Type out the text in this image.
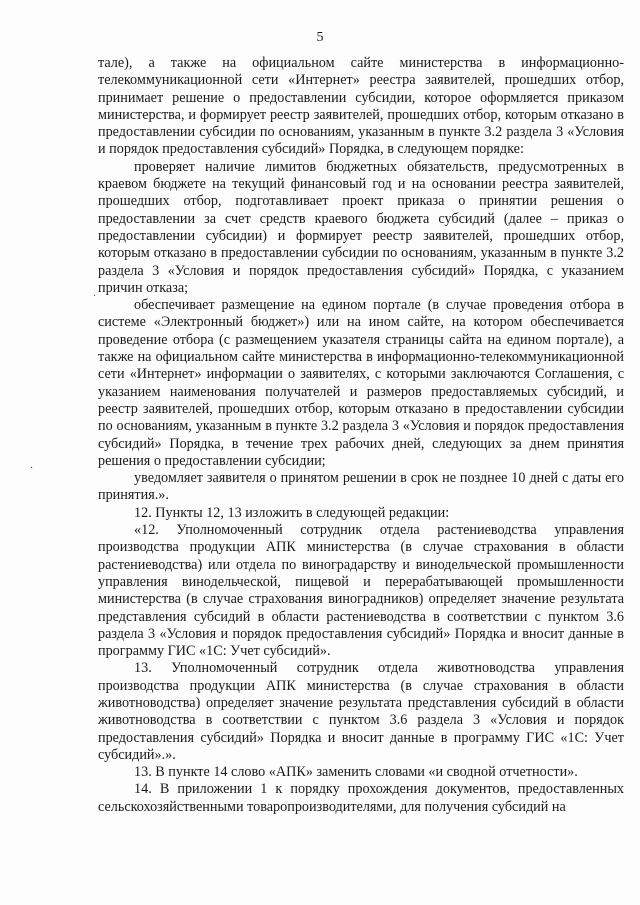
5
·
·

тале), а также на официальном сайте министерства в информационно-телекоммуникационной сети «Интернет» реестра заявителей, прошедших отбор, принимает решение о предоставлении субсидии, которое оформляется приказом министерства, и формирует реестр заявителей, прошедших отбор, которым отказано в предоставлении субсидии по основаниям, указанным в пункте 3.2 раздела 3 «Условия и порядок предоставления субсидий» Порядка, в следующем порядке:

проверяет наличие лимитов бюджетных обязательств, предусмотренных в краевом бюджете на текущий финансовый год и на основании реестра заявителей, прошедших отбор, подготавливает проект приказа о принятии решения о предоставлении за счет средств краевого бюджета субсидий (далее – приказ о предоставлении субсидии) и формирует реестр заявителей, прошедших отбор, которым отказано в предоставлении субсидии по основаниям, указанным в пункте 3.2 раздела 3 «Условия и порядок предоставления субсидий» Порядка, с указанием причин отказа;

обеспечивает размещение на едином портале (в случае проведения отбора в системе «Электронный бюджет») или на ином сайте, на котором обеспечивается проведение отбора (с размещением указателя страницы сайта на едином портале), а также на официальном сайте министерства в информационно-телекоммуникационной сети «Интернет» информации о заявителях, с которыми заключаются Соглашения, с указанием наименования получателей и размеров предоставляемых субсидий, и реестр заявителей, прошедших отбор, которым отказано в предоставлении субсидии по основаниям, указанным в пункте 3.2 раздела 3 «Условия и порядок предоставления субсидий» Порядка, в течение трех рабочих дней, следующих за днем принятия решения о предоставлении субсидии;

уведомляет заявителя о принятом решении в срок не позднее 10 дней с даты его принятия.».

12. Пункты 12, 13 изложить в следующей редакции:

«12. Уполномоченный сотрудник отдела растениеводства управления производства продукции АПК министерства (в случае страхования в области растениеводства) или отдела по виноградарству и винодельческой промышленности управления винодельческой, пищевой и перерабатывающей промышленности министерства (в случае страхования виноградников) определяет значение результата представления субсидий в области растениеводства в соответствии с пунктом 3.6 раздела 3 «Условия и порядок предоставления субсидий» Порядка и вносит данные в программу ГИС «1С: Учет субсидий».

13. Уполномоченный сотрудник отдела животноводства управления производства продукции АПК министерства (в случае страхования в области животноводства) определяет значение результата представления субсидий в области животноводства в соответствии с пунктом 3.6 раздела 3 «Условия и порядок предоставления субсидий» Порядка и вносит данные в программу ГИС «1С: Учет субсидий».».

13. В пункте 14 слово «АПК» заменить словами «и сводной отчетности».

14. В приложении 1 к порядку прохождения документов, предоставленных сельскохозяйственными товаропроизводителями, для получения субсидий на
